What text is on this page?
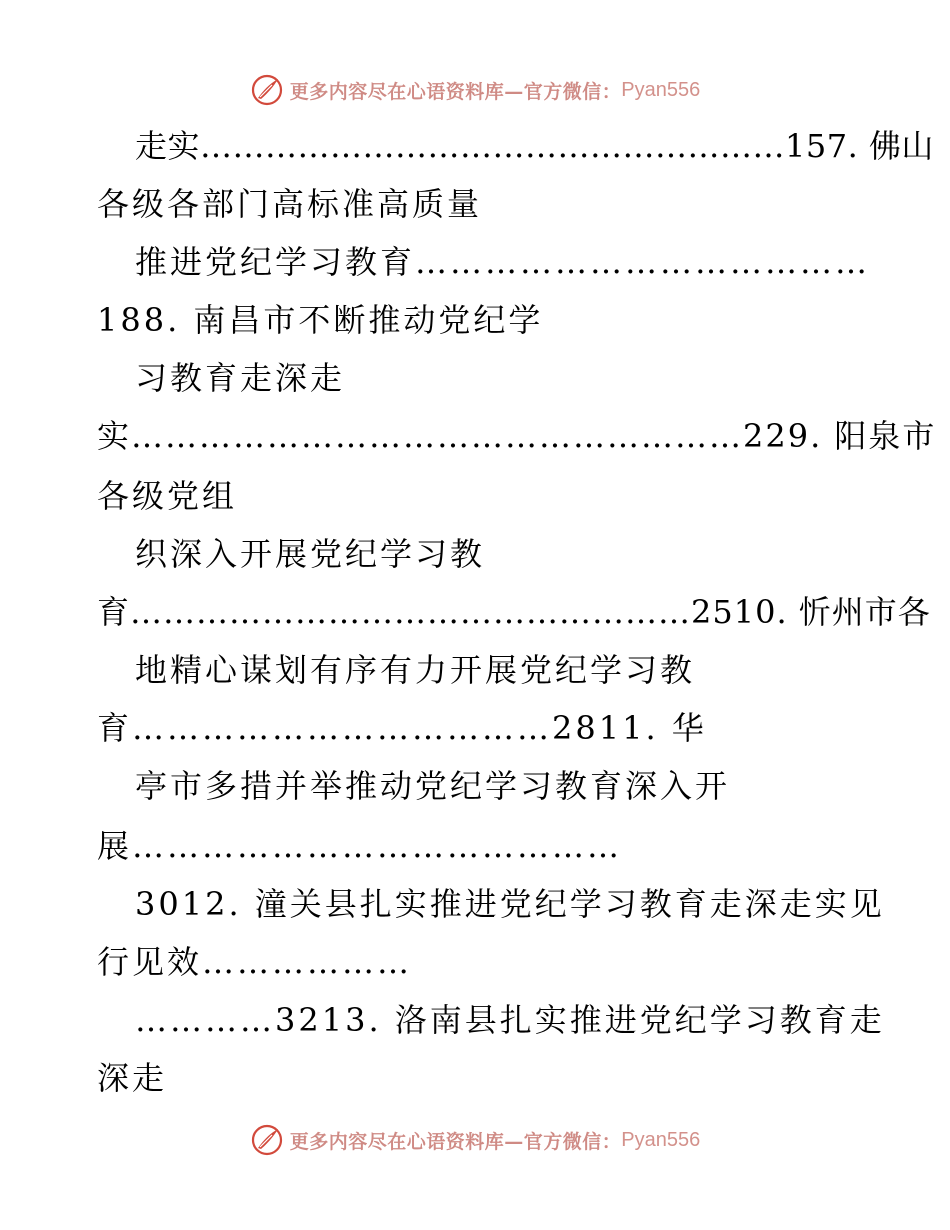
更多内容尽在心语资料库—官方微信： Pyan556
走实………………………………………………157. 佛山
各级各部门高标准高质量
推进党纪学习教育…………………………………
188. 南昌市不断推动党纪学
习教育走深走
实………………………………………………229. 阳泉市
各级党组
织深入开展党纪学习教
育……………………………………………2510. 忻州市各
地精心谋划有序有力开展党纪学习教
育………………………………2811. 华
亭市多措并举推动党纪学习教育深入开
展……………………………………
3012. 潼关县扎实推进党纪学习教育走深走实见
行见效………………
…………3213. 洛南县扎实推进党纪学习教育走
深走
更多内容尽在心语资料库—官方微信： Pyan556
